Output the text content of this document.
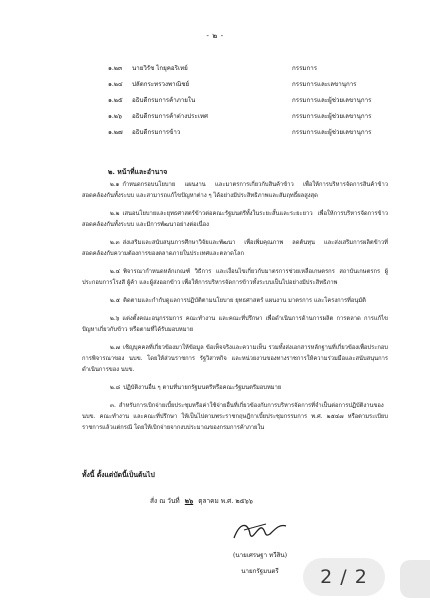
- ๒ -
๑.๒๓	นายวิรัช ไกยุคอริเทย์	กรรมการ
๑.๒๔	ปลัดกระทรวงพาณิชย์	กรรมการและเลขานุการ
๑.๒๕	อธิบดีกรมการค้าภายใน	กรรมการและผู้ช่วยเลขานุการ
๑.๒๖	อธิบดีกรมการค้าต่างประเทศ	กรรมการและผู้ช่วยเลขานุการ
๑.๒๗	อธิบดีกรมการข้าว	กรรมการและผู้ช่วยเลขานุการ
๒. หน้าที่และอำนาจ
๒.๑ กำหนดกรอบนโยบาย แผนงาน และมาตรการเกี่ยวกับสินค้าข้าว เพื่อให้การบริหารจัดการสินค้าข้าวสอดคล้องกันทั้งระบบ และสามารถแก้ไขปัญหาต่าง ๆ ได้อย่างมีประสิทธิภาพและสัมฤทธิ์ผลสูงสุด
๒.๒ เสนอนโยบายและยุทธศาสตร์ข้าวต่อคณะรัฐมนตรีทั้งในระยะสั้นและระยะยาว เพื่อให้การบริหารจัดการข้าวสอดคล้องกันทั้งระบบ และมีการพัฒนาอย่างต่อเนื่อง
๒.๓ ส่งเสริมและสนับสนุนการศึกษาวิจัยและพัฒนา เพื่อเพิ่มคุณภาพ ลดต้นทุน และส่งเสริมการผลิตข้าวที่สอดคล้องกับความต้องการของตลาดภายในประเทศและตลาดโลก
๒.๔ พิจารณากำหนดหลักเกณฑ์ วิธีการ และเงื่อนไขเกี่ยวกับมาตรการช่วยเหลือเกษตรกร สถาบันเกษตรกร ผู้ประกอบการโรงสี ผู้ค้า และผู้ส่งออกข้าว เพื่อให้การบริหารจัดการข้าวทั้งระบบเป็นไปอย่างมีประสิทธิภาพ
๒.๕ ติดตามและกำกับดูแลการปฏิบัติตามนโยบาย ยุทธศาสตร์ แผนงาน มาตรการ และโครงการที่อนุมัติ
๒.๖ แต่งตั้งคณะอนุกรรมการ คณะทำงาน และคณะที่ปรึกษา เพื่อดำเนินการด้านการผลิต การตลาด การแก้ไขปัญหาเกี่ยวกับข้าว หรือตามที่ได้รับมอบหมาย
๒.๗ เชิญบุคคลที่เกี่ยวข้องมาให้ข้อมูล ข้อเท็จจริงและความเห็น รวมทั้งส่งเอกสารหลักฐานที่เกี่ยวข้องเพื่อประกอบการพิจารณาของ นบข. โดยให้ส่วนราชการ รัฐวิสาหกิจ และหน่วยงานของทางราชการให้ความร่วมมือและสนับสนุนการดำเนินการของ นบข.
๒.๘ ปฏิบัติงานอื่น ๆ ตามที่นายกรัฐมนตรีหรือคณะรัฐมนตรีมอบหมาย
๓. สำหรับการเบิกจ่ายเบี้ยประชุมหรือค่าใช้จ่ายอื่นที่เกี่ยวข้องกับการบริหารจัดการที่จำเป็นต่อการปฏิบัติงานของ นบข. คณะทำงาน และคณะที่ปรึกษา ให้เป็นไปตามพระราชกฤษฎีกาเบี้ยประชุมกรรมการ พ.ศ. ๒๕๔๗ หรือตามระเบียบราชการแล้วแต่กรณี โดยให้เบิกจ่ายจากงบประมาณของกรมการค้าภายใน
ทั้งนี้ ตั้งแต่บัดนี้เป็นต้นไป
สั่ง ณ วันที่ ๒๖ ตุลาคม พ.ศ. ๒๕๖๖
(นายเศรษฐา ทวีสิน)
นายกรัฐมนตรี	2 / 2
